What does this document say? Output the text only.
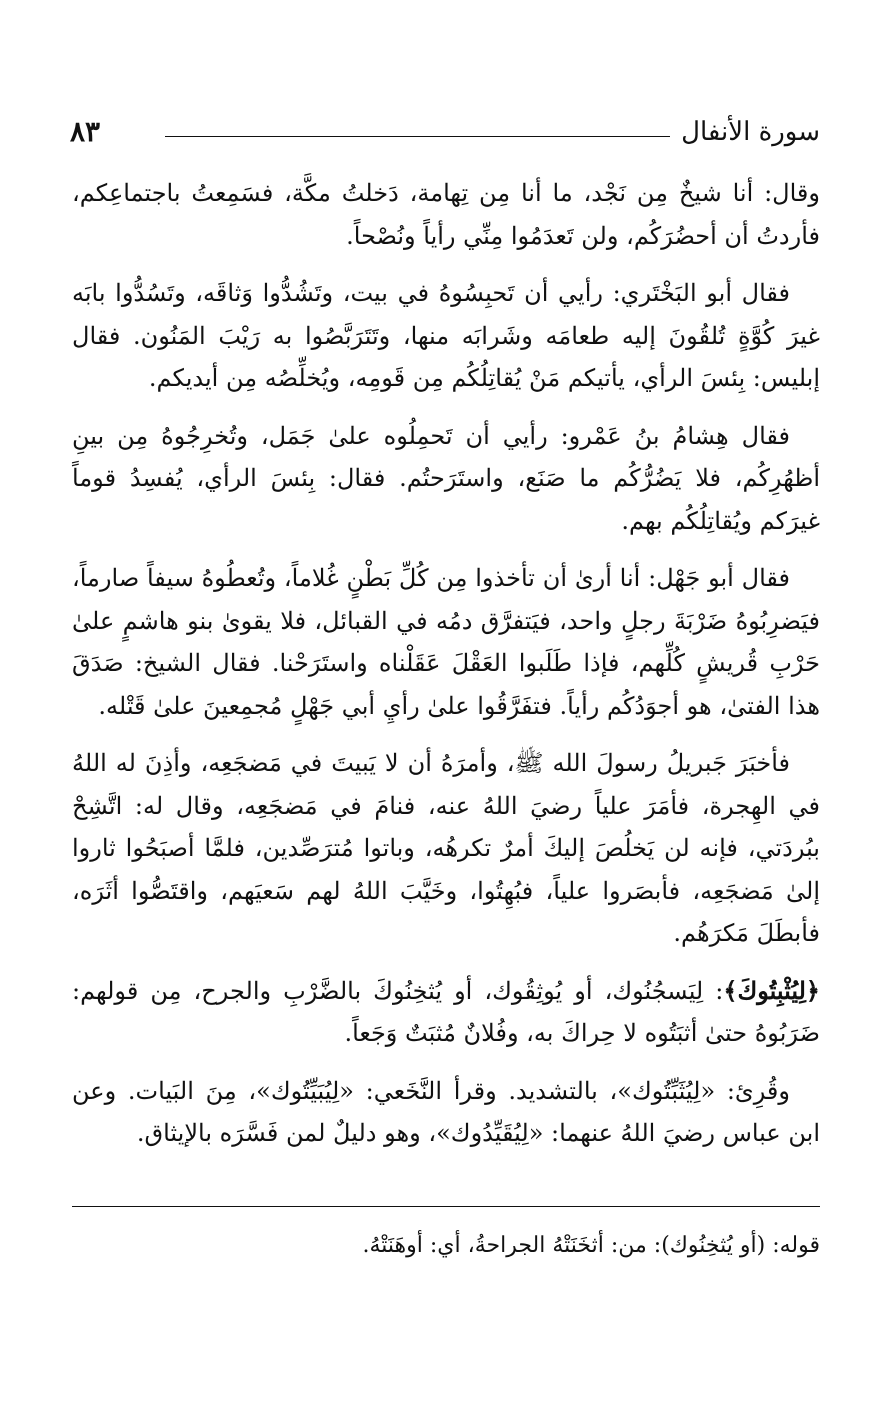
سورة الأنفال
٨٣

وقال: أنا شيخٌ مِن نَجْد، ما أنا مِن تِهامة، دَخلتُ مكَّة، فسَمِعتُ باجتماعِكم، فأردتُ أن أحضُرَكُم، ولن تَعدَمُوا مِنِّي رأياً ونُصْحاً.

فقال أبو البَخْتَري: رأيي أن تَحبِسُوهُ في بيت، وتَشُدُّوا وَثاقَه، وتَسُدُّوا بابَه غيرَ كُوَّةٍ تُلقُونَ إليه طعامَه وشَرابَه منها، وتَتَرَبَّصُوا به رَيْبَ المَنُون. فقال إبليس: بِئسَ الرأي، يأتيكم مَنْ يُقاتِلُكُم مِن قَومِه، ويُخلِّصُه مِن أيديكم.

فقال هِشامُ بنُ عَمْرو: رأيي أن تَحمِلُوه علىٰ جَمَل، وتُخرِجُوهُ مِن بينِ أظهُرِكُم، فلا يَضُرُّكُم ما صَنَع، واستَرَحتُم. فقال: بِئسَ الرأي، يُفسِدُ قوماً غيرَكم ويُقاتِلُكُم بهم.

فقال أبو جَهْل: أنا أرىٰ أن تأخذوا مِن كُلِّ بَطْنٍ غُلاماً، وتُعطُوهُ سيفاً صارماً، فيَضرِبُوهُ ضَرْبَةَ رجلٍ واحد، فيَتفرَّق دمُه في القبائل، فلا يقوىٰ بنو هاشمٍ علىٰ حَرْبِ قُريشٍ كُلِّهم، فإذا طَلَبوا العَقْلَ عَقَلْناه واستَرَحْنا. فقال الشيخ: صَدَقَ هذا الفتىٰ، هو أجوَدُكُم رأياً. فتفَرَّقُوا علىٰ رأيِ أبي جَهْلٍ مُجمِعينَ علىٰ قَتْله.

فأخبَرَ جَبريلُ رسولَ الله ﷺ، وأمرَهُ أن لا يَبيتَ في مَضجَعِه، وأذِنَ له اللهُ في الهِجرة، فأمَرَ علياً رضيَ اللهُ عنه، فنامَ في مَضجَعِه، وقال له: اتَّشِحْ ببُردَتي، فإنه لن يَخلُصَ إليكَ أمرٌ تكرهُه، وباتوا مُترَصِّدين، فلمَّا أصبَحُوا ثاروا إلىٰ مَضجَعِه، فأبصَروا علياً، فبُهِتُوا، وخَيَّبَ اللهُ لهم سَعيَهم، واقتَصُّوا أثَرَه، فأبطَلَ مَكرَهُم.

﴿لِيُثْبِتُوكَ﴾: لِيَسجُنُوك، أو يُوثِقُوك، أو يُثخِنُوكَ بالضَّرْبِ والجرح، مِن قولهم: ضَرَبُوهُ حتىٰ أثبَتُوه لا حِراكَ به، وفُلانٌ مُثبَتٌ وَجَعاً.

وقُرِئ: «لِيُثَبِّتُوك»، بالتشديد. وقرأ النَّخَعي: «لِيُبَيِّتُوك»، مِنَ البَيات. وعن ابن عباس رضيَ اللهُ عنهما: «لِيُقَيِّدُوك»، وهو دليلٌ لمن فَسَّرَه بالإيثاق.

قوله: (أو يُثخِنُوك): من: أثخَنَتْهُ الجراحةُ، أي: أوهَنَتْهُ.
